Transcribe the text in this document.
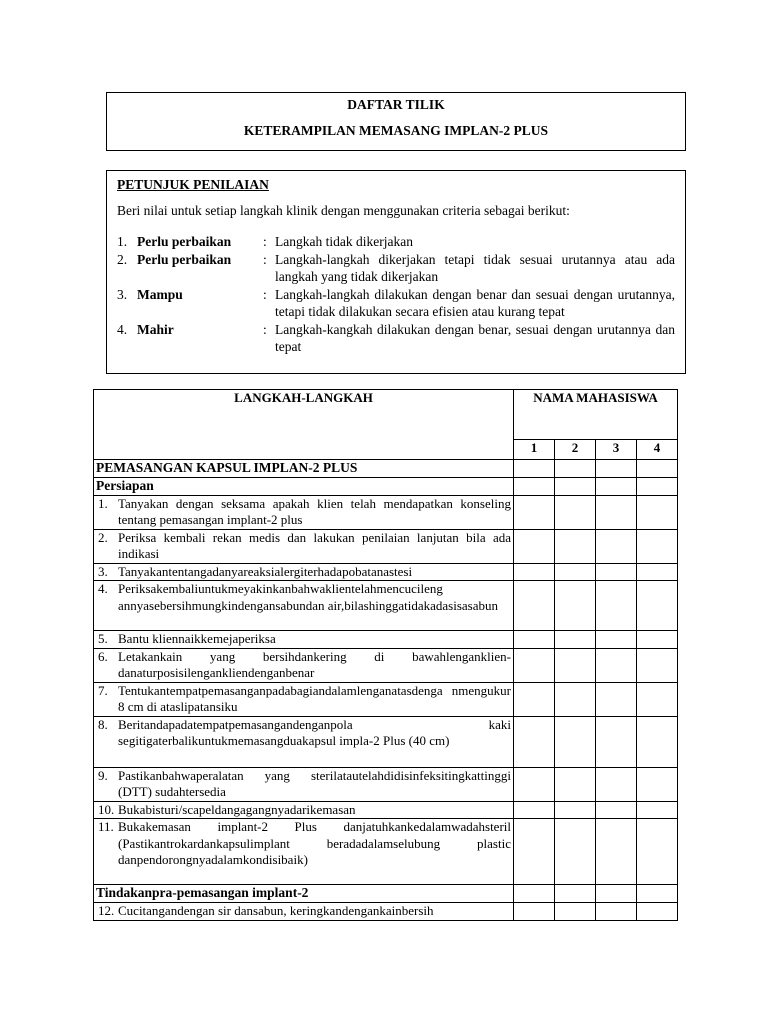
DAFTAR TILIK
KETERAMPILAN MEMASANG IMPLAN-2 PLUS
PETUNJUK PENILAIAN
Beri nilai untuk setiap langkah klinik dengan menggunakan criteria sebagai berikut:
1. Perlu perbaikan : Langkah tidak dikerjakan
2. Perlu perbaikan : Langkah-langkah dikerjakan tetapi tidak sesuai urutannya atau ada langkah yang tidak dikerjakan
3. Mampu	: Langkah-langkah dilakukan dengan benar dan sesuai dengan urutannya, tetapi tidak dilakukan secara efisien atau kurang tepat
4. Mahir	: Langkah-kangkah dilakukan dengan benar, sesuai dengan urutannya dan tepat
LANGKAH-LANGKAH	NAMA MAHASISWA			
	1	2	3	4
PEMASANGAN KAPSUL IMPLAN-2 PLUS				
Persiapan				

1. Tanyakan dengan seksama apakah klien telah mendapatkan konseling tentang pemasangan implant-2 plus				

2. Periksa kembali rekan medis dan lakukan penilaian lanjutan bila ada indikasi				

3. Tanyakantentangadanyareaksialergiterhadapobatanastesi				

4. Periksakembaliuntukmeyakinkanbahwaklientelahmencucileng annyasebersihmungkindengansabundan air,bilashinggatidakadasisasabun				

5. Bantu kliennaikkemejaperiksa				

6. Letakankain yang bersihdankering di bawahlengankliendanaturposisilengankliendenganbenar				

7. Tentukantempatpemasanganpadabagiandalamlenganatasdenga nmengukur 8 cm di ataslipatansiku				

8. Beritandapadatempatpemasangandenganpola kaki segitigaterbalikuntukmemasangduakapsul impla-2 Plus (40 cm)				

9. Pastikanbahwaperalatan yang sterilatautelahdidisinfeksitingkattinggi (DTT) sudahtersedia				

10. Bukabisturi/scapeldangagangnyadarikemasan				

11. Bukakemasan implant-2 Plus danjatuhkankedalamwadahsteril (Pastikantrokardankapsulimplant beradadalamselubung plastic danpendorongnyadalamkondisibaik)				
Tindakanpra-pemasangan implant-2				

12. Cucitangandengan sir dansabun, keringkandengankainbersih				
